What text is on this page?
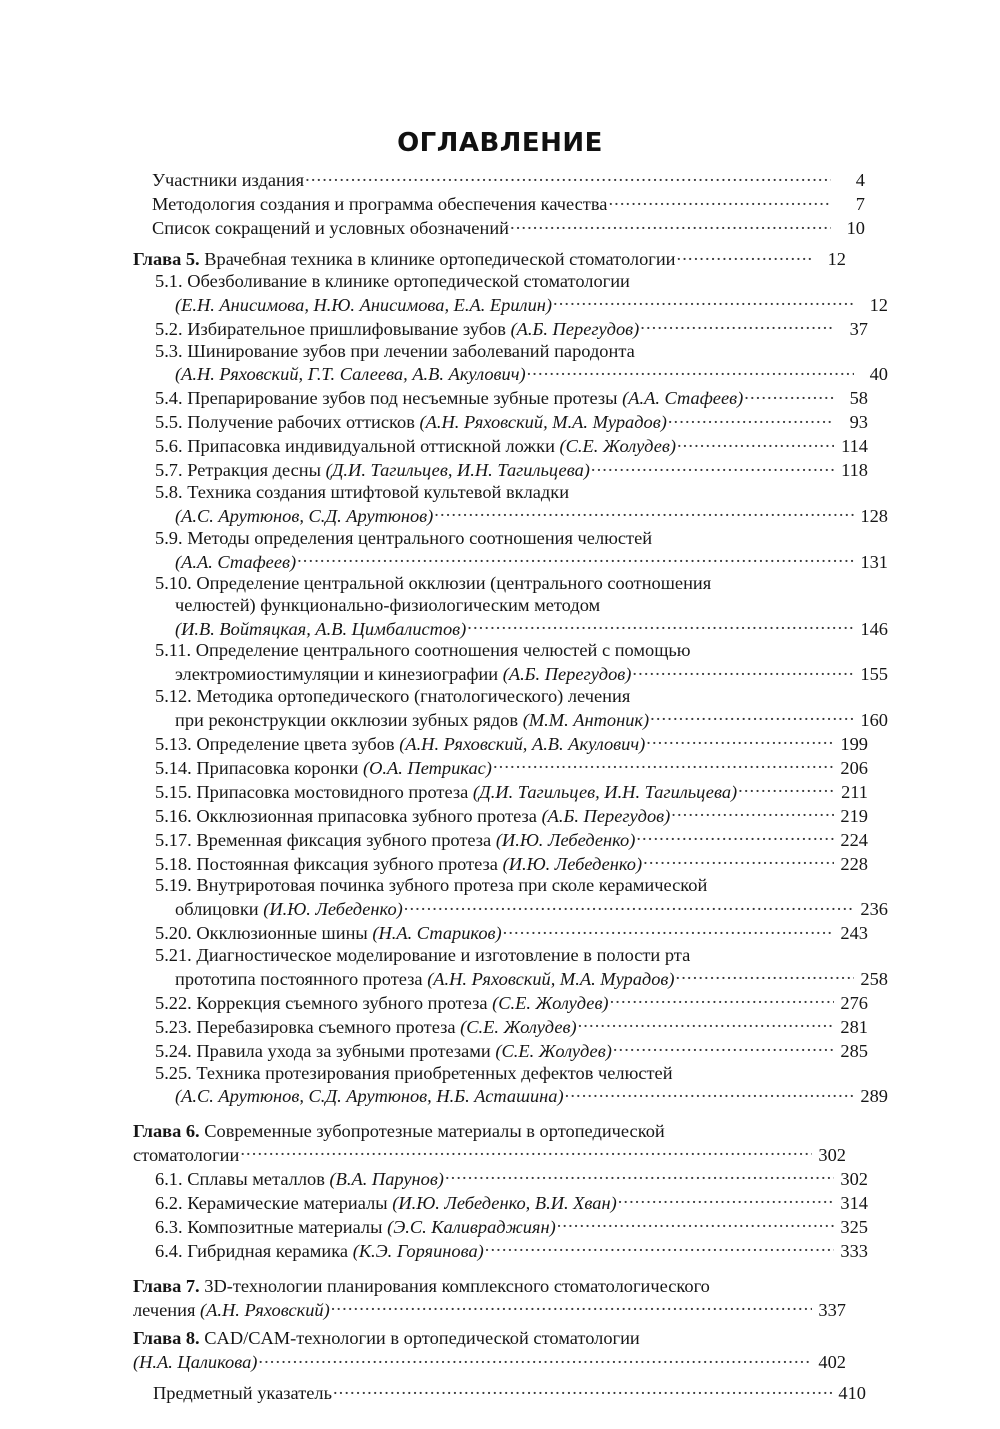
ОГЛАВЛЕНИЕ
Участники издания .....	4
Методология создания и программа обеспечения качества .....	7
Список сокращений и условных обозначений .....	10
Глава 5. Врачебная техника в клинике ортопедической стоматологии .....	12
5.1. Обезболивание в клинике ортопедической стоматологии
(Е.Н. Анисимова, Н.Ю. Анисимова, Е.А. Ерилин) .....	12
5.2. Избирательное пришлифовывание зубов (А.Б. Перегудов) .....	37
5.3. Шинирование зубов при лечении заболеваний пародонта
(А.Н. Ряховский, Г.Т. Салеева, А.В. Акулович) .....	40
5.4. Препарирование зубов под несъемные зубные протезы (А.А. Стафеев) .....	58
5.5. Получение рабочих оттисков (А.Н. Ряховский, М.А. Мурадов) .....	93
5.6. Припасовка индивидуальной оттискной ложки (С.Е. Жолудев) .....	114
5.7. Ретракция десны (Д.И. Тагильцев, И.Н. Тагильцева) .....	118
5.8. Техника создания штифтовой культевой вкладки
(А.С. Арутюнов, С.Д. Арутюнов) .....	128
5.9. Методы определения центрального соотношения челюстей
(А.А. Стафеев) .....	131
5.10. Определение центральной окклюзии (центрального соотношения
челюстей) функционально-физиологическим методом
(И.В. Войтяцкая, А.В. Цимбалистов) .....	146
5.11. Определение центрального соотношения челюстей с помощью
электромиостимуляции и кинезиографии (А.Б. Перегудов) .....	155
5.12. Методика ортопедического (гнатологического) лечения
при реконструкции окклюзии зубных рядов (М.М. Антоник) .....	160
5.13. Определение цвета зубов (А.Н. Ряховский, А.В. Акулович) .....	199
5.14. Припасовка коронки (О.А. Петрикас) .....	206
5.15. Припасовка мостовидного протеза (Д.И. Тагильцев, И.Н. Тагильцева) .....	211
5.16. Окклюзионная припасовка зубного протеза (А.Б. Перегудов) .....	219
5.17. Временная фиксация зубного протеза (И.Ю. Лебеденко) .....	224
5.18. Постоянная фиксация зубного протеза (И.Ю. Лебеденко) .....	228
5.19. Внутриротовая починка зубного протеза при сколе керамической
облицовки (И.Ю. Лебеденко) .....	236
5.20. Окклюзионные шины (Н.А. Стариков) .....	243
5.21. Диагностическое моделирование и изготовление в полости рта
прототипа постоянного протеза (А.Н. Ряховский, М.А. Мурадов) .....	258
5.22. Коррекция съемного зубного протеза (С.Е. Жолудев) .....	276
5.23. Перебазировка съемного протеза (С.Е. Жолудев) .....	281
5.24. Правила ухода за зубными протезами (С.Е. Жолудев) .....	285
5.25. Техника протезирования приобретенных дефектов челюстей
(А.С. Арутюнов, С.Д. Арутюнов, Н.Б. Асташина) .....	289
Глава 6. Современные зубопротезные материалы в ортопедической
стоматологии .....	302
6.1. Сплавы металлов (В.А. Парунов) .....	302
6.2. Керамические материалы (И.Ю. Лебеденко, В.И. Хван) .....	314
6.3. Композитные материалы (Э.С. Каливраджиян) .....	325
6.4. Гибридная керамика (К.Э. Горяинова) .....	333
Глава 7. 3D-технологии планирования комплексного стоматологического
лечения (А.Н. Ряховский) .....	337
Глава 8. CAD/CAM-технологии в ортопедической стоматологии
(Н.А. Цаликова) .....	402
Предметный указатель .....	410
